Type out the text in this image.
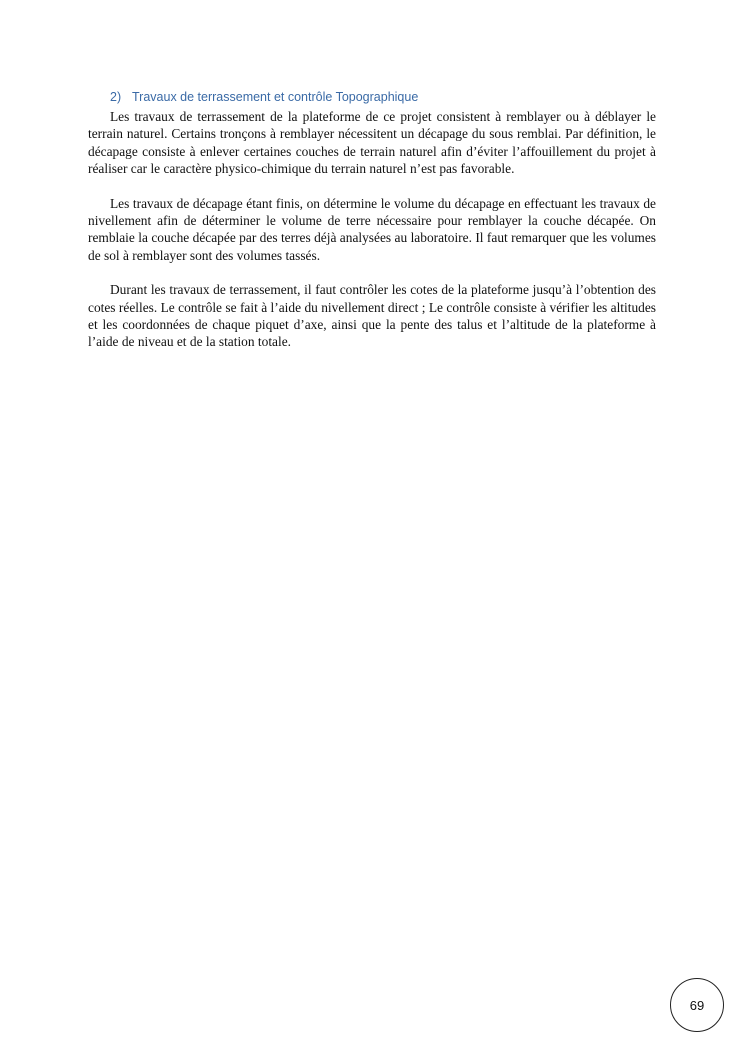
2) Travaux de terrassement et contrôle Topographique

Les travaux de terrassement de la plateforme de ce projet consistent à remblayer ou à déblayer le terrain naturel. Certains tronçons à remblayer nécessitent un décapage du sous remblai. Par définition, le décapage consiste à enlever certaines couches de terrain naturel afin d’éviter l’affouillement du projet à réaliser car le caractère physico-chimique du terrain naturel n’est pas favorable.

Les travaux de décapage étant finis, on détermine le volume du décapage en effectuant les travaux de nivellement afin de déterminer le volume de terre nécessaire pour remblayer la couche décapée. On remblaie la couche décapée par des terres déjà analysées au laboratoire. Il faut remarquer que les volumes de sol à remblayer sont des volumes tassés.

Durant les travaux de terrassement, il faut contrôler les cotes de la plateforme jusqu’à l’obtention des cotes réelles. Le contrôle se fait à l’aide du nivellement direct ; Le contrôle consiste à vérifier les altitudes et les coordonnées de chaque piquet d’axe, ainsi que la pente des talus et l’altitude de la plateforme à l’aide de niveau et de la station totale.

69
